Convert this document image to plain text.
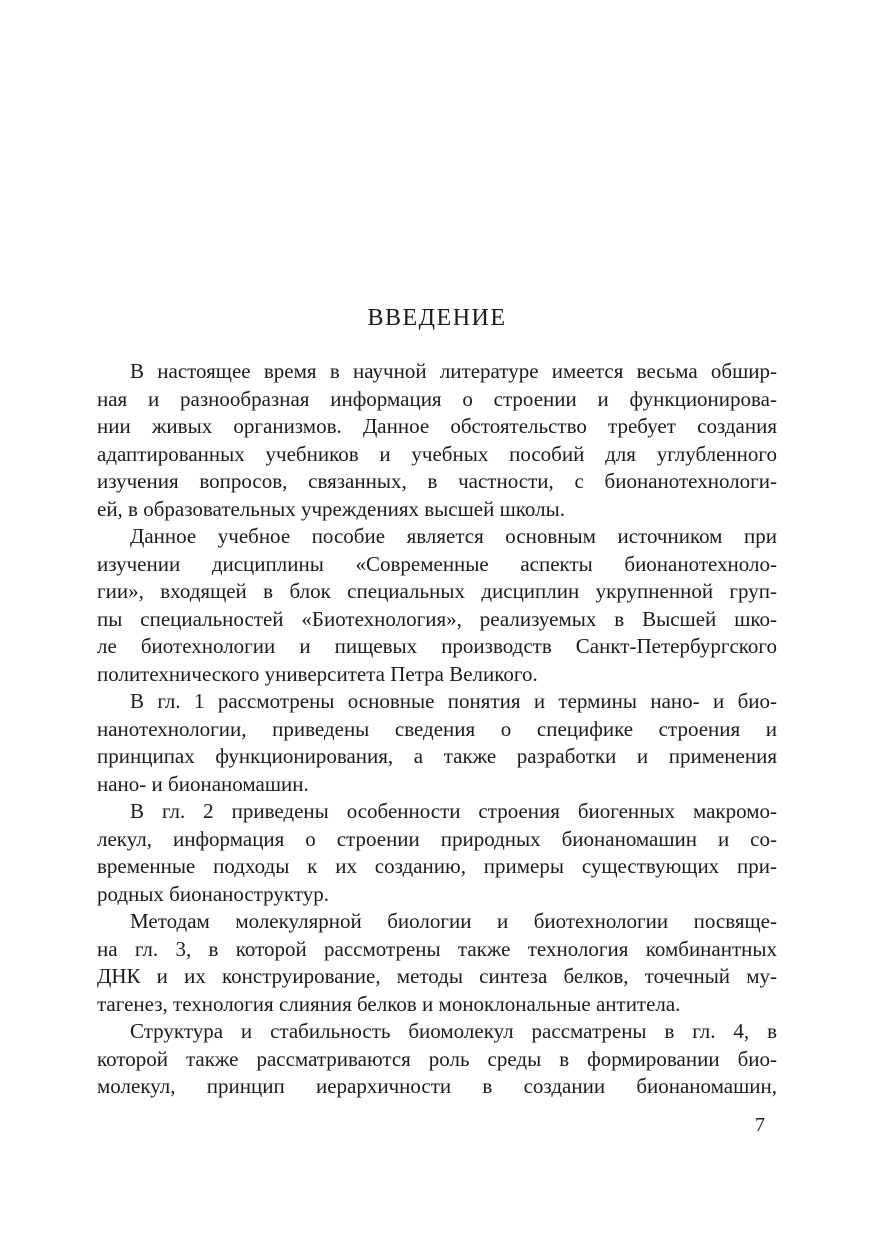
ВВЕДЕНИЕ
В настоящее время в научной литературе имеется весьма обшир-
ная и разнообразная информация о строении и функционирова-
нии живых организмов. Данное обстоятельство требует создания
адаптированных учебников и учебных пособий для углубленного
изучения вопросов, связанных, в частности, с бионанотехнологи-
ей, в образовательных учреждениях высшей школы.
Данное учебное пособие является основным источником при
изучении дисциплины «Современные аспекты бионанотехноло-
гии», входящей в блок специальных дисциплин укрупненной груп-
пы специальностей «Биотехнология», реализуемых в Высшей шко-
ле биотехнологии и пищевых производств Санкт-Петербургского
политехнического университета Петра Великого.
В гл. 1 рассмотрены основные понятия и термины нано- и био-
нанотехнологии, приведены сведения о специфике строения и
принципах функционирования, а также разработки и применения
нано- и бионаномашин.
В гл. 2 приведены особенности строения биогенных макромо-
лекул, информация о строении природных бионаномашин и со-
временные подходы к их созданию, примеры существующих при-
родных бионаноструктур.
Методам молекулярной биологии и биотехнологии посвяще-
на гл. 3, в которой рассмотрены также технология комбинантных
ДНК и их конструирование, методы синтеза белков, точечный му-
тагенез, технология слияния белков и моноклональные антитела.
Структура и стабильность биомолекул рассматрены в гл. 4, в
которой также рассматриваются роль среды в формировании био-
молекул, принцип иерархичности в создании бионаномашин,
7
